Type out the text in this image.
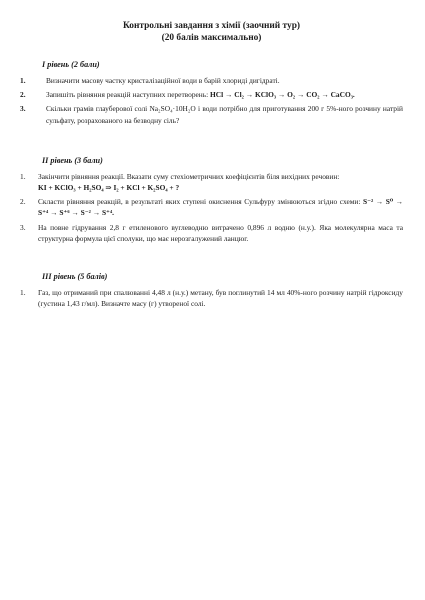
Контрольні завдання з хімії (заочний тур)
(20 балів максимально)

I рівень (2 бали)

1.	Визначити масову частку кристалізаційної води в барій хлориді дигідраті.
2.	Запишіть рівняння реакцій наступних перетворень: HCl → Cl₂ → KClO₃ → O₂ → CO₂ → CaCO₃.
3.	Скільки грамів глауберової солі Na₂SO₄·10H₂O і води потрібно для приготування 200 г 5%-ного розчину натрій сульфату, розрахованого на безводну сіль?

II рівень (3 бали)

1.	Закінчити рівняння реакції. Вказати суму стехіометричних коефіцієнтів біля вихідних речовин:
KI + KClO₃ + H₂SO₄ ⇒ I₂ + KCl + K₂SO₄ + ?
2.	Скласти рівняння реакцій, в результаті яких ступені окиснення Сульфуру змінюються згідно схеми: S⁻² → S⁰ → S⁺⁴ → S⁺⁶ → S⁻² → S⁺⁴.
3.	На повне гідрування 2,8 г етиленового вуглеводню витрачено 0,896 л водню (н.у.). Яка молекулярна маса та структурна формула цієї сполуки, що має нерозгалужений ланцюг.

III рівень (5 балів)

1.	Газ, що отриманий при спалюванні 4,48 л (н.у.) метану, був поглинутий 14 мл 40%-ного розчину натрій гідроксиду (густина 1,43 г/мл). Визначте масу (г) утвореної солі.
